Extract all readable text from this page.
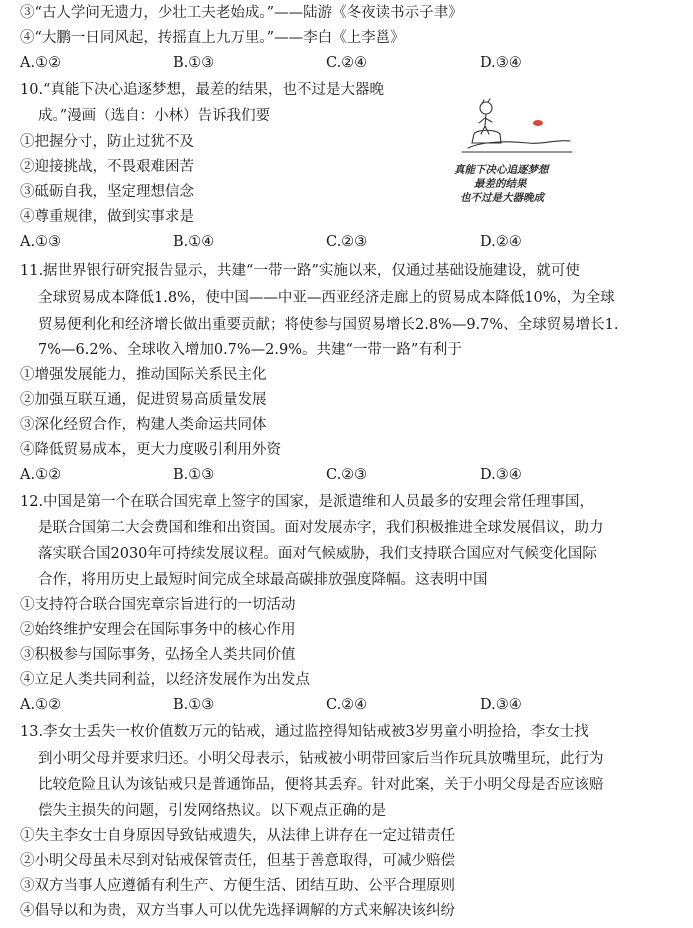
③“古人学问无遗力，少壮工夫老始成。”——陆游《冬夜读书示子聿》
④“大鹏一日同风起，抟摇直上九万里。”——李白《上李邕》
A.①②	B.①③	C.②④	D.③④
10.“真能下决心追逐梦想，最差的结果，也不过是大器晚
成。”漫画（选自：小林）告诉我们要
①把握分寸，防止过犹不及
②迎接挑战，不畏艰难困苦
③砥砺自我，坚定理想信念
④尊重规律，做到实事求是
A.①③	B.①④	C.②③	D.②④
真能下决心追逐梦想
最差的结果
也不过是大器晚成
11.据世界银行研究报告显示，共建“一带一路”实施以来，仅通过基础设施建设，就可使
全球贸易成本降低1.8%，使中国——中亚—西亚经济走廊上的贸易成本降低10%，为全球
贸易便利化和经济增长做出重要贡献；将使参与国贸易增长2.8%—9.7%、全球贸易增长1.
7%—6.2%、全球收入增加0.7%—2.9%。共建“一带一路”有利于
①增强发展能力，推动国际关系民主化
②加强互联互通，促进贸易高质量发展
③深化经贸合作，构建人类命运共同体
④降低贸易成本，更大力度吸引利用外资
A.①②	B.①③	C.②③	D.③④
12.中国是第一个在联合国宪章上签字的国家，是派遣维和人员最多的安理会常任理事国，
是联合国第二大会费国和维和出资国。面对发展赤字，我们积极推进全球发展倡议，助力
落实联合国2030年可持续发展议程。面对气候威胁，我们支持联合国应对气候变化国际
合作，将用历史上最短时间完成全球最高碳排放强度降幅。这表明中国
①支持符合联合国宪章宗旨进行的一切活动
②始终维护安理会在国际事务中的核心作用
③积极参与国际事务，弘扬全人类共同价值
④立足人类共同利益，以经济发展作为出发点
A.①②	B.①③	C.②④	D.③④
13.李女士丢失一枚价值数万元的钻戒，通过监控得知钻戒被3岁男童小明捡拾，李女士找
到小明父母并要求归还。小明父母表示，钻戒被小明带回家后当作玩具放嘴里玩，此行为
比较危险且认为该钻戒只是普通饰品，便将其丢弃。针对此案，关于小明父母是否应该赔
偿失主损失的问题，引发网络热议。以下观点正确的是
①失主李女士自身原因导致钻戒遗失，从法律上讲存在一定过错责任
②小明父母虽未尽到对钻戒保管责任，但基于善意取得，可减少赔偿
③双方当事人应遵循有利生产、方便生活、团结互助、公平合理原则
④倡导以和为贵，双方当事人可以优先选择调解的方式来解决该纠纷
